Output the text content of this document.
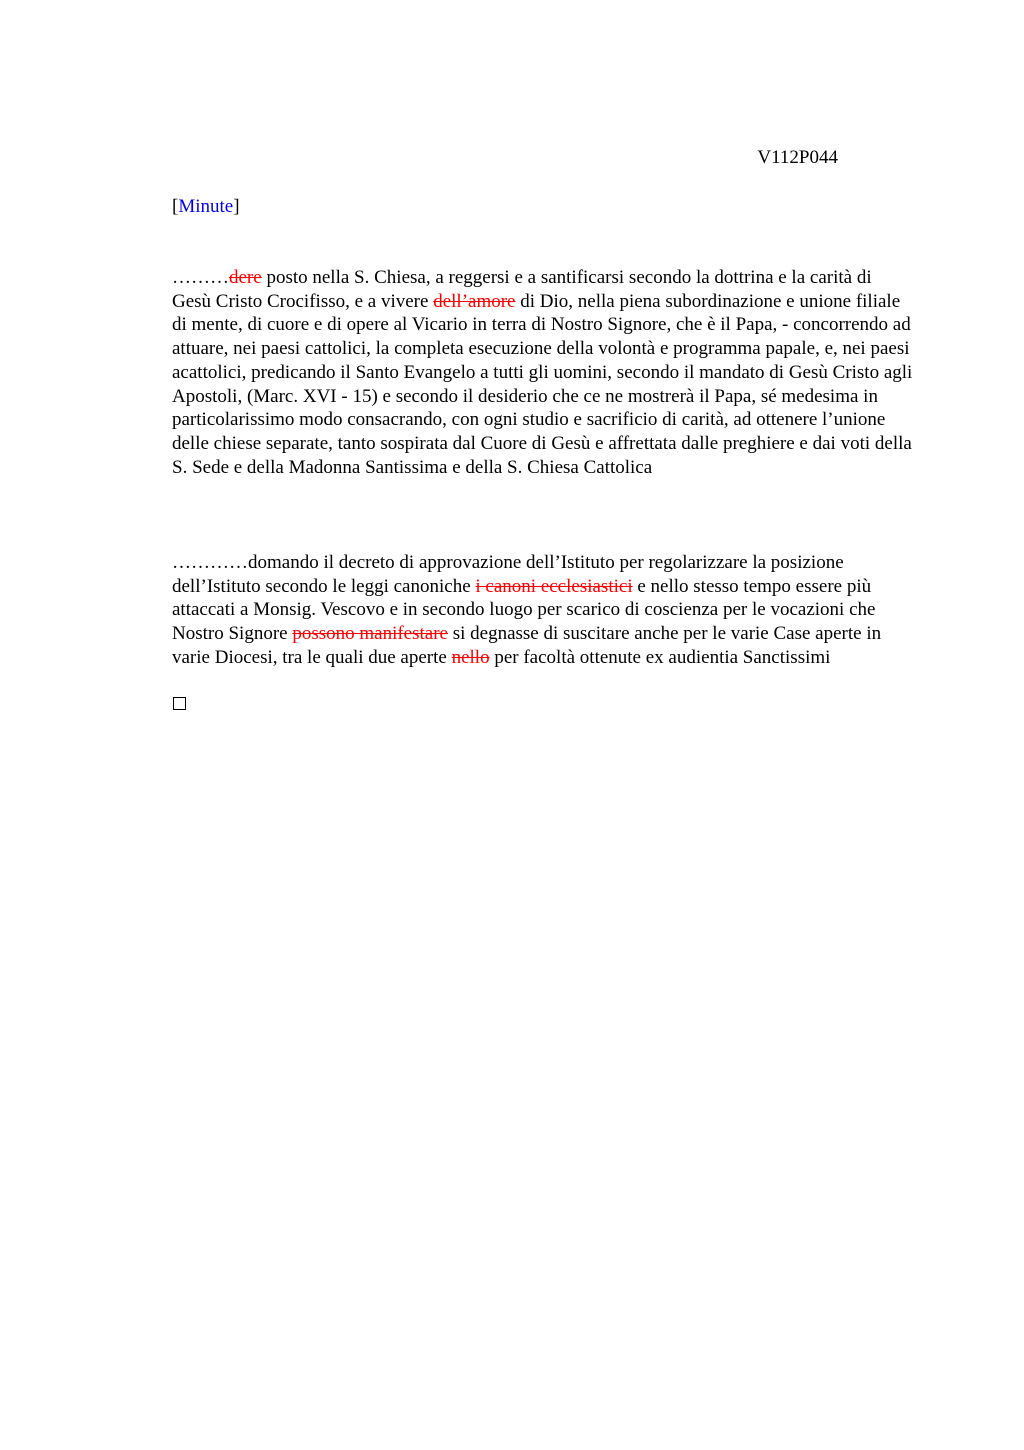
V112P044
[Minute]

………dere posto nella S. Chiesa, a reggersi e a santificarsi secondo la dottrina e la carità di Gesù Cristo Crocifisso, e a vivere dell’amore di Dio, nella piena subordinazione e unione filiale di mente, di cuore e di opere al Vicario in terra di Nostro Signore, che è il Papa, - concorrendo ad attuare, nei paesi cattolici, la completa esecuzione della volontà e programma papale, e, nei paesi acattolici, predicando il Santo Evangelo a tutti gli uomini, secondo il mandato di Gesù Cristo agli Apostoli, (Marc. XVI - 15) e secondo il desiderio che ce ne mostrerà il Papa, sé medesima in particolarissimo modo consacrando, con ogni studio e sacrificio di carità, ad ottenere l’unione delle chiese separate, tanto sospirata dal Cuore di Gesù e affrettata dalle preghiere e dai voti della S. Sede e della Madonna Santissima e della S. Chiesa Cattolica

…………domando il decreto di approvazione dell’Istituto per regolarizzare la posizione dell’Istituto secondo le leggi canoniche i canoni ecclesiastici e nello stesso tempo essere più attaccati a Monsig. Vescovo e in secondo luogo per scarico di coscienza per le vocazioni che Nostro Signore possono manifestare si degnasse di suscitare anche per le varie Case aperte in varie Diocesi, tra le quali due aperte nello per facoltà ottenute ex audientia Sanctissimi
